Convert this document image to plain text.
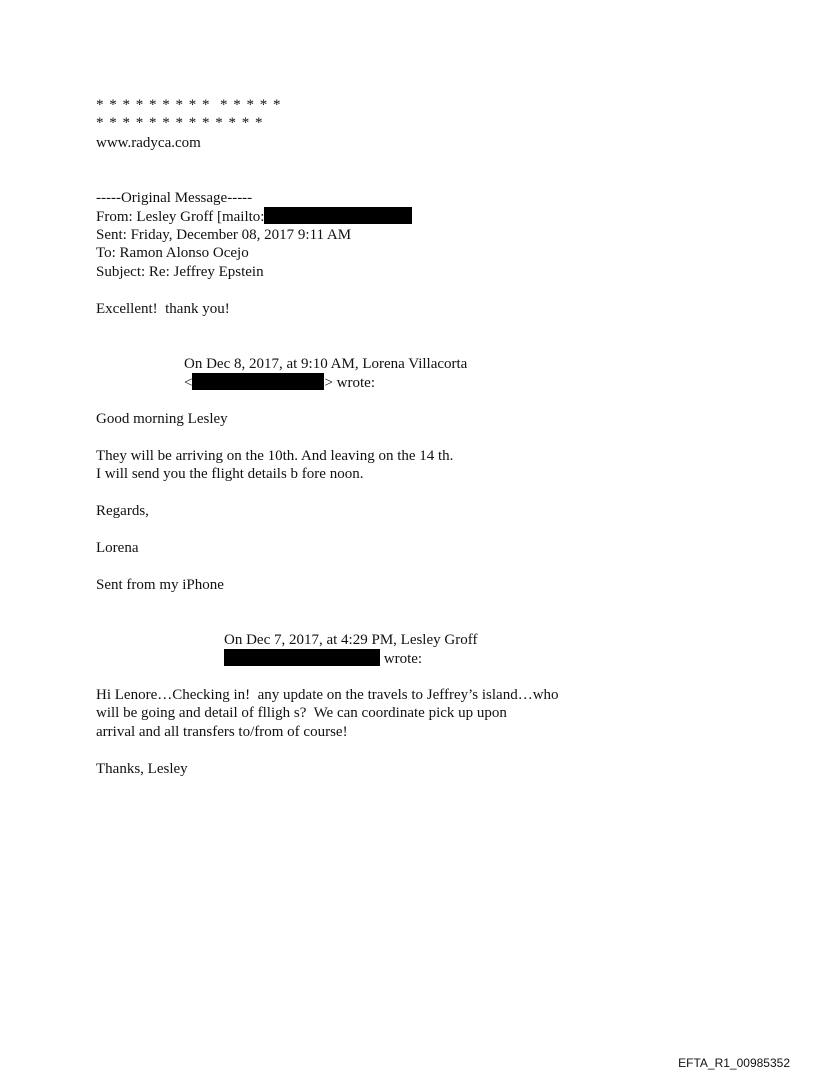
* * * * * * * * *  * * * * *
* * * * * * * * * * * * *
www.radyca.com
-----Original Message-----
From: Lesley Groff [mailto:
Sent: Friday, December 08, 2017 9:11 AM
To: Ramon Alonso Ocejo
Subject: Re: Jeffrey Epstein
Excellent!  thank you!
On Dec 8, 2017, at 9:10 AM, Lorena Villacorta
<	> wrote:
Good morning Lesley
They will be arriving on the 10th. And leaving on the 14 th.
I will send you the flight details b fore noon.
Regards,
Lorena
Sent from my iPhone
On Dec 7, 2017, at 4:29 PM, Lesley Groff
wrote:
Hi Lenore…Checking in!  any update on the travels to Jeffrey’s island…who
will be going and detail of flligh s?  We can coordinate pick up upon
arrival and all transfers to/from of course!
Thanks, Lesley
EFTA_R1_00985352
